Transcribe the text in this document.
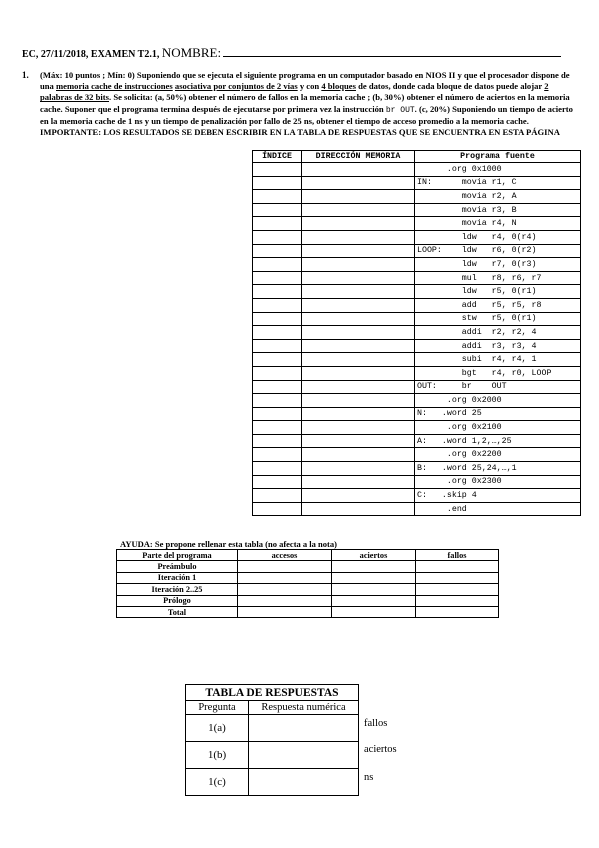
EC, 27/11/2018, EXAMEN T2.1, NOMBRE:
1. (Máx: 10 puntos ; Mín: 0) Suponiendo que se ejecuta el siguiente programa en un computador basado en NIOS II y que el procesador dispone de una memoria cache de instrucciones asociativa por conjuntos de 2 vías y con 4 bloques de datos, donde cada bloque de datos puede alojar 2 palabras de 32 bits. Se solicita: (a, 50%) obtener el número de fallos en la memoria cache ; (b, 30%) obtener el número de aciertos en la memoria cache. Suponer que el programa termina después de ejecutarse por primera vez la instrucción br OUT. (c, 20%) Suponiendo un tiempo de acierto en la memoria cache de 1 ns y un tiempo de penalización por fallo de 25 ns, obtener el tiempo de acceso promedio a la memoria cache. IMPORTANTE: LOS RESULTADOS SE DEBEN ESCRIBIR EN LA TABLA DE RESPUESTAS QUE SE ENCUENTRA EN ESTA PÁGINA
ÍNDICE	DIRECCIÓN MEMORIA	Programa fuente
		.org 0x1000
		IN:      movia r1, C
		movia r2, A
		movia r3, B
		movia r4, N
		ldw   r4, 0(r4)
		LOOP:    ldw   r6, 0(r2)
		ldw   r7, 0(r3)
		mul   r8, r6, r7
		ldw   r5, 0(r1)
		add   r5, r5, r8
		stw   r5, 0(r1)
		addi  r2, r2, 4
		addi  r3, r3, 4
		subi  r4, r4, 1
		bgt   r4, r0, LOOP
		OUT:     br    OUT
		.org 0x2000
		N:   .word 25
		.org 0x2100
		A:   .word 1,2,…,25
		.org 0x2200
		B:   .word 25,24,…,1
		.org 0x2300
		C:   .skip 4
		.end
AYUDA: Se propone rellenar esta tabla (no afecta a la nota)
Parte del programa	accesos	aciertos	fallos
Preámbulo			
Iteración 1			
Iteración 2..25			
Prólogo			
Total			
TABLA DE RESPUESTAS	
Pregunta	Respuesta numérica
1(a)	
1(b)	
1(c)	
fallos
aciertos
ns
